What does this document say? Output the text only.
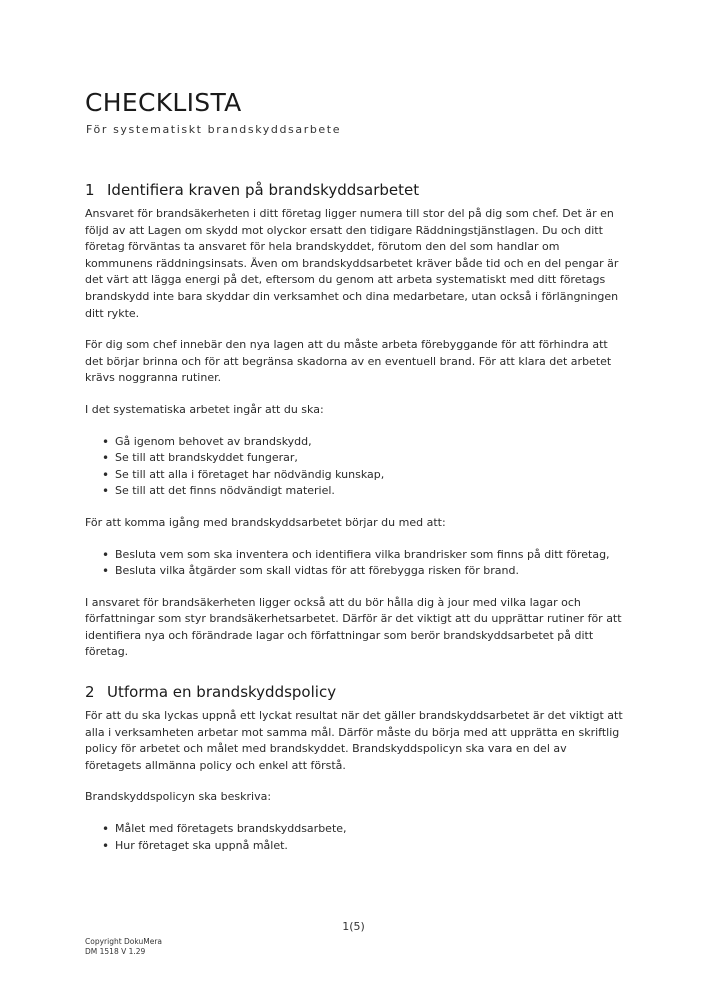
CHECKLISTA
För systematiskt brandskyddsarbete
1 Identifiera kraven på brandskyddsarbetet

Ansvaret för brandsäkerheten i ditt företag ligger numera till stor del på dig som chef. Det är en följd av att Lagen om skydd mot olyckor ersatt den tidigare Räddningstjänstlagen. Du och ditt företag förväntas ta ansvaret för hela brandskyddet, förutom den del som handlar om kommunens räddningsinsats. Även om brandskyddsarbetet kräver både tid och en del pengar är det värt att lägga energi på det, eftersom du genom att arbeta systematiskt med ditt företags brandskydd inte bara skyddar din verksamhet och dina medarbetare, utan också i förlängningen ditt rykte.

För dig som chef innebär den nya lagen att du måste arbeta förebyggande för att förhindra att det börjar brinna och för att begränsa skadorna av en eventuell brand. För att klara det arbetet krävs noggranna rutiner.

I det systematiska arbetet ingår att du ska:

• Gå igenom behovet av brandskydd,
• Se till att brandskyddet fungerar,
• Se till att alla i företaget har nödvändig kunskap,
• Se till att det finns nödvändigt materiel.

För att komma igång med brandskyddsarbetet börjar du med att:

• Besluta vem som ska inventera och identifiera vilka brandrisker som finns på ditt företag,
• Besluta vilka åtgärder som skall vidtas för att förebygga risken för brand.

I ansvaret för brandsäkerheten ligger också att du bör hålla dig à jour med vilka lagar och författningar som styr brandsäkerhetsarbetet. Därför är det viktigt att du upprättar rutiner för att identifiera nya och förändrade lagar och författningar som berör brandskyddsarbetet på ditt företag.

2 Utforma en brandskyddspolicy

För att du ska lyckas uppnå ett lyckat resultat när det gäller brandskyddsarbetet är det viktigt att alla i verksamheten arbetar mot samma mål. Därför måste du börja med att upprätta en skriftlig policy för arbetet och målet med brandskyddet. Brandskyddspolicyn ska vara en del av företagets allmänna policy och enkel att förstå.

Brandskyddspolicyn ska beskriva:

• Målet med företagets brandskyddsarbete,
• Hur företaget ska uppnå målet.
1(5)
Copyright DokuMera
DM 1518 V 1.29
